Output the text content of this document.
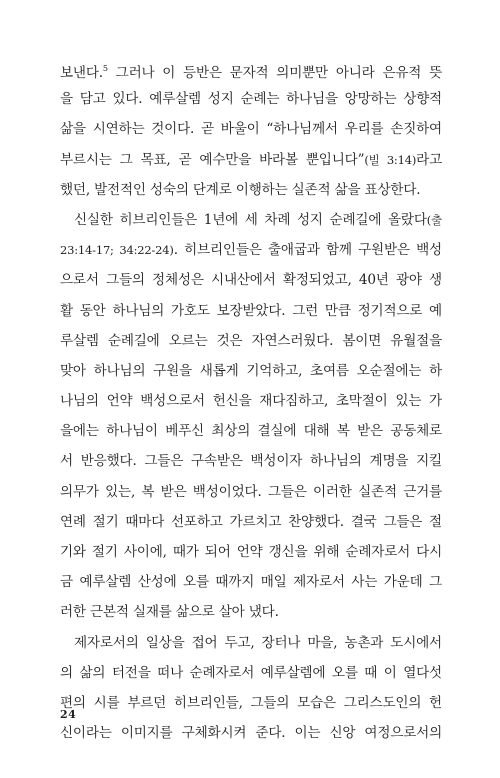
보낸다.$^5$ 그러나 이 등반은 문자적 의미뿐만 아니라 은유적 뜻
을 담고 있다. 예루살렘 성지 순례는 하나님을 앙망하는 상향적
삶을 시연하는 것이다. 곧 바울이 “하나님께서 우리를 손짓하여
부르시는 그 목표, 곧 예수만을 바라볼 뿐입니다”(빌 3:14)라고
했던, 발전적인 성숙의 단계로 이행하는 실존적 삶을 표상한다.
신실한 히브리인들은 1년에 세 차례 성지 순례길에 올랐다(출
23:14-17; 34:22-24). 히브리인들은 출애굽과 함께 구원받은 백성
으로서 그들의 정체성은 시내산에서 확정되었고, 40년 광야 생
활 동안 하나님의 가호도 보장받았다. 그런 만큼 정기적으로 예
루살렘 순례길에 오르는 것은 자연스러웠다. 봄이면 유월절을
맞아 하나님의 구원을 새롭게 기억하고, 초여름 오순절에는 하
나님의 언약 백성으로서 헌신을 재다짐하고, 초막절이 있는 가
을에는 하나님이 베푸신 최상의 결실에 대해 복 받은 공동체로
서 반응했다. 그들은 구속받은 백성이자 하나님의 계명을 지킬
의무가 있는, 복 받은 백성이었다. 그들은 이러한 실존적 근거를
연례 절기 때마다 선포하고 가르치고 찬양했다. 결국 그들은 절
기와 절기 사이에, 때가 되어 언약 갱신을 위해 순례자로서 다시
금 예루살렘 산성에 오를 때까지 매일 제자로서 사는 가운데 그
러한 근본적 실재를 삶으로 살아 냈다.
제자로서의 일상을 접어 두고, 장터나 마을, 농촌과 도시에서
의 삶의 터전을 떠나 순례자로서 예루살렘에 오를 때 이 열다섯
편의 시를 부르던 히브리인들, 그들의 모습은 그리스도인의 헌
신이라는 이미지를 구체화시켜 준다. 이는 신앙 여정으로서의
24
